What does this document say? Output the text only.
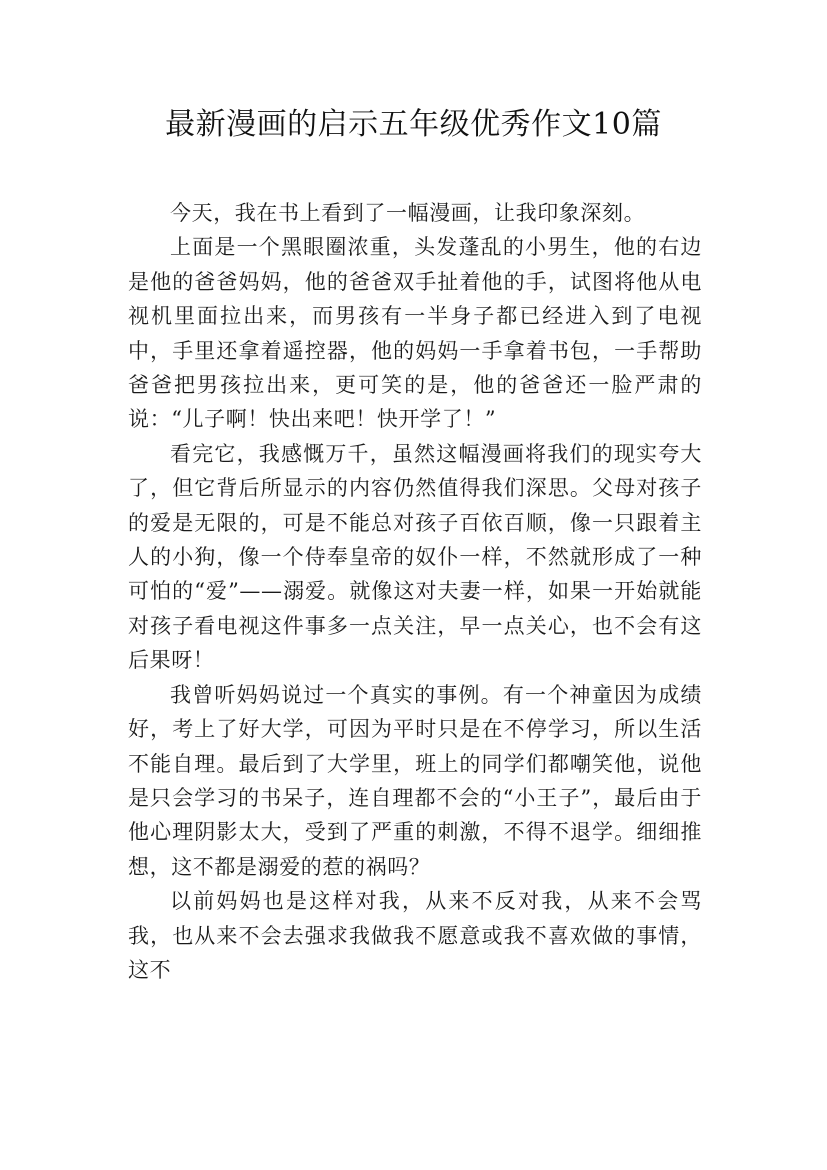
最新漫画的启示五年级优秀作文10篇

今天，我在书上看到了一幅漫画，让我印象深刻。

上面是一个黑眼圈浓重，头发蓬乱的小男生，他的右边是他的爸爸妈妈，他的爸爸双手扯着他的手，试图将他从电视机里面拉出来，而男孩有一半身子都已经进入到了电视中，手里还拿着遥控器，他的妈妈一手拿着书包，一手帮助爸爸把男孩拉出来，更可笑的是，他的爸爸还一脸严肃的说：“儿子啊！快出来吧！快开学了！”

看完它，我感慨万千，虽然这幅漫画将我们的现实夸大了，但它背后所显示的内容仍然值得我们深思。父母对孩子的爱是无限的，可是不能总对孩子百依百顺，像一只跟着主人的小狗，像一个侍奉皇帝的奴仆一样，不然就形成了一种可怕的“爱”——溺爱。就像这对夫妻一样，如果一开始就能对孩子看电视这件事多一点关注，早一点关心，也不会有这后果呀！

我曾听妈妈说过一个真实的事例。有一个神童因为成绩好，考上了好大学，可因为平时只是在不停学习，所以生活不能自理。最后到了大学里，班上的同学们都嘲笑他，说他是只会学习的书呆子，连自理都不会的“小王子”，最后由于他心理阴影太大，受到了严重的刺激，不得不退学。细细推想，这不都是溺爱的惹的祸吗？

以前妈妈也是这样对我，从来不反对我，从来不会骂我，也从来不会去强求我做我不愿意或我不喜欢做的事情，这不
